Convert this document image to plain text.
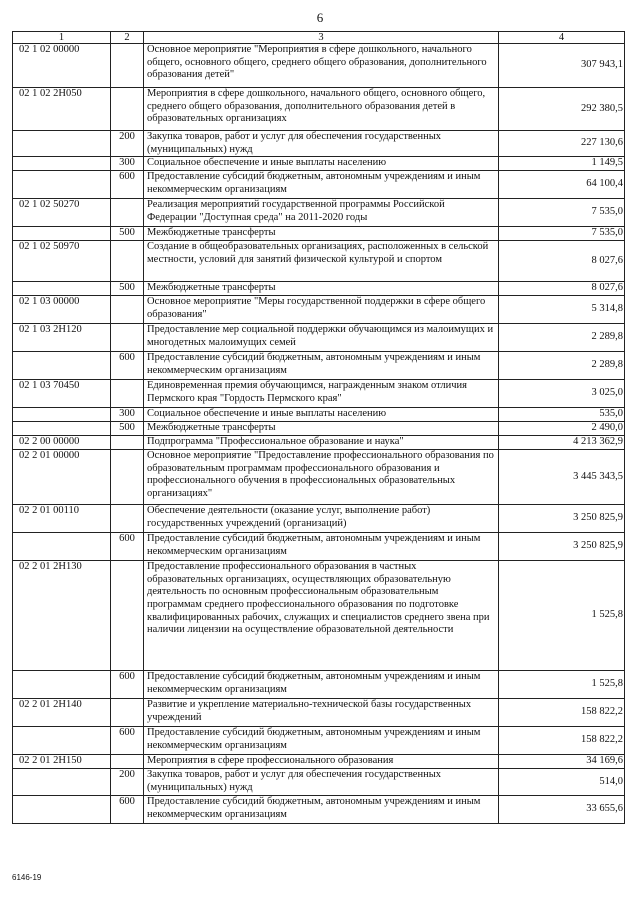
6
1	2	3	4
02 1 02 00000		Основное мероприятие "Мероприятия в сфере дошкольного, начального общего, основного общего, среднего общего образования, дополнительного образования детей"	307 943,1
02 1 02 2Н050		Мероприятия в сфере дошкольного, начального общего, основного общего, среднего общего образования, дополнительного образования детей в образовательных организациях	292 380,5
	200	Закупка товаров, работ и услуг для обеспечения государственных (муниципальных) нужд	227 130,6
	300	Социальное обеспечение и иные выплаты населению	1 149,5
	600	Предоставление субсидий бюджетным, автономным учреждениям и иным некоммерческим организациям	64 100,4
02 1 02 50270		Реализация мероприятий государственной программы Российской Федерации "Доступная среда" на 2011-2020 годы	7 535,0
	500	Межбюджетные трансферты	7 535,0
02 1 02 50970		Создание в общеобразовательных организациях, расположенных в сельской местности, условий для занятий физической культурой и спортом	8 027,6
	500	Межбюджетные трансферты	8 027,6
02 1 03 00000		Основное мероприятие "Меры государственной поддержки в сфере общего образования"	5 314,8
02 1 03 2Н120		Предоставление мер социальной поддержки обучающимся из малоимущих и многодетных малоимущих семей	2 289,8
	600	Предоставление субсидий бюджетным, автономным учреждениям и иным некоммерческим организациям	2 289,8
02 1 03 70450		Единовременная премия обучающимся, награжденным знаком отличия Пермского края "Гордость Пермского края"	3 025,0
	300	Социальное обеспечение и иные выплаты населению	535,0
	500	Межбюджетные трансферты	2 490,0
02 2 00 00000		Подпрограмма "Профессиональное образование и наука"	4 213 362,9
02 2 01 00000		Основное мероприятие "Предоставление профессионального образования по образовательным программам профессионального образования и профессионального обучения в профессиональных образовательных организациях"	3 445 343,5
02 2 01 00110		Обеспечение деятельности (оказание услуг, выполнение работ) государственных учреждений (организаций)	3 250 825,9
	600	Предоставление субсидий бюджетным, автономным учреждениям и иным некоммерческим организациям	3 250 825,9
02 2 01 2Н130		Предоставление профессионального образования в частных образовательных организациях, осуществляющих образовательную деятельность по основным профессиональным образовательным программам среднего профессионального образования по подготовке квалифицированных рабочих, служащих и специалистов среднего звена при наличии лицензии на осуществление образовательной деятельности	1 525,8
	600	Предоставление субсидий бюджетным, автономным учреждениям и иным некоммерческим организациям	1 525,8
02 2 01 2Н140		Развитие и укрепление материально-технической базы государственных учреждений	158 822,2
	600	Предоставление субсидий бюджетным, автономным учреждениям и иным некоммерческим организациям	158 822,2
02 2 01 2Н150		Мероприятия в сфере профессионального образования	34 169,6
	200	Закупка товаров, работ и услуг для обеспечения государственных (муниципальных) нужд	514,0
	600	Предоставление субсидий бюджетным, автономным учреждениям и иным некоммерческим организациям	33 655,6
6146-19
